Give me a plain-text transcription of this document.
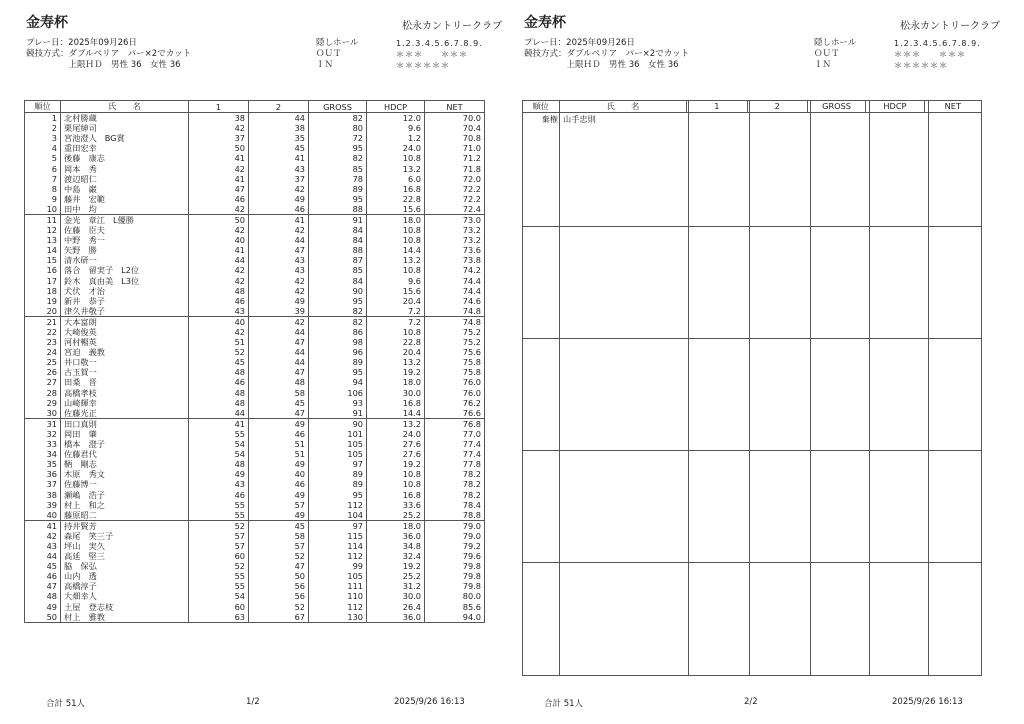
金寿杯	松永カントリークラブ
プレー日：2025年09月26日
競技方式：ダブルペリア　パー×2でカット
　　　　　上限ＨＤ　男性 36　女性 36
隠しホール
ＯＵＴ
ＩＮ
1.2.3.4.5.6.7.8.9.
＊＊＊　　＊＊＊
＊＊＊＊＊＊
順位	氏　　名	1	2	GROSS	HDCP	NET
1	北村勝蔵	38	44	82	12.0	70.0
2	栗尾紳司	42	38	80	9.6	70.4
3	宮池澄人 BG賞	37	35	72	1.2	70.8
4	重田宏幸	50	45	95	24.0	71.0
5	後藤　康志	41	41	82	10.8	71.2
6	岡本　秀	42	43	85	13.2	71.8
7	渡辺昭仁	41	37	78	6.0	72.0
8	中島　巌	47	42	89	16.8	72.2
9	藤井　宏範	46	49	95	22.8	72.2
10	田中　均	42	46	88	15.6	72.4
11	金光　章江 L優勝	50	41	91	18.0	73.0
12	佐藤　臣夫	42	42	84	10.8	73.2
13	中野　秀一	40	44	84	10.8	73.2
14	矢野　勝	41	47	88	14.4	73.6
15	清水研一	44	43	87	13.2	73.8
16	落合　留実子 L2位	42	43	85	10.8	74.2
17	鈴木　真由美 L3位	42	42	84	9.6	74.4
18	犬伏　才治	48	42	90	15.6	74.4
19	新井　恭子	46	49	95	20.4	74.6
20	津久井敬子	43	39	82	7.2	74.8
21	大本富朗	40	42	82	7.2	74.8
22	大崎俊英	42	44	86	10.8	75.2
23	河村暢英	51	47	98	22.8	75.2
24	宮迫　義教	52	44	96	20.4	75.6
25	井口敬一	45	44	89	13.2	75.8
26	古玉賀一	48	47	95	19.2	75.8
27	田桑　晋	46	48	94	18.0	76.0
28	高橋孝枝	48	58	106	30.0	76.0
29	山崎輝幸	48	45	93	16.8	76.2
30	佐藤光正	44	47	91	14.4	76.6
31	田口真則	41	49	90	13.2	76.8
32	岡田　肇	55	46	101	24.0	77.0
33	橋本　澄子	54	51	105	27.6	77.4
34	佐藤君代	54	51	105	27.6	77.4
35	鞆　剛志	48	49	97	19.2	77.8
36	木原　秀文	49	40	89	10.8	78.2
37	佐藤博一	43	46	89	10.8	78.2
38	瀬嶋　浩子	46	49	95	16.8	78.2
39	村上　和之	55	57	112	33.6	78.4
40	藤原昭二	55	49	104	25.2	78.8
41	持井賢芳	52	45	97	18.0	79.0
42	森尾　笑三子	57	58	115	36.0	79.0
43	坪山　実久	57	57	114	34.8	79.2
44	高延　堅三	60	52	112	32.4	79.6
45	脇　保弘	52	47	99	19.2	79.8
46	山内　透	55	50	105	25.2	79.8
47	高橋淳子	55	56	111	31.2	79.8
48	大畑幸人	54	56	110	30.0	80.0
49	土屋　登志枝	60	52	112	26.4	85.6
50	村上　雅教	63	67	130	36.0	94.0
合計 51人	1/2	2025/9/26 16:13
金寿杯	松永カントリークラブ
プレー日：2025年09月26日
競技方式：ダブルペリア　パー×2でカット
　　　　　上限ＨＤ　男性 36　女性 36
隠しホール
ＯＵＴ
ＩＮ
1.2.3.4.5.6.7.8.9.
＊＊＊　　＊＊＊
＊＊＊＊＊＊
順位	氏　　名	1	2	GROSS	HDCP	NET
棄権 山手忠則
合計 51人	2/2	2025/9/26 16:13
